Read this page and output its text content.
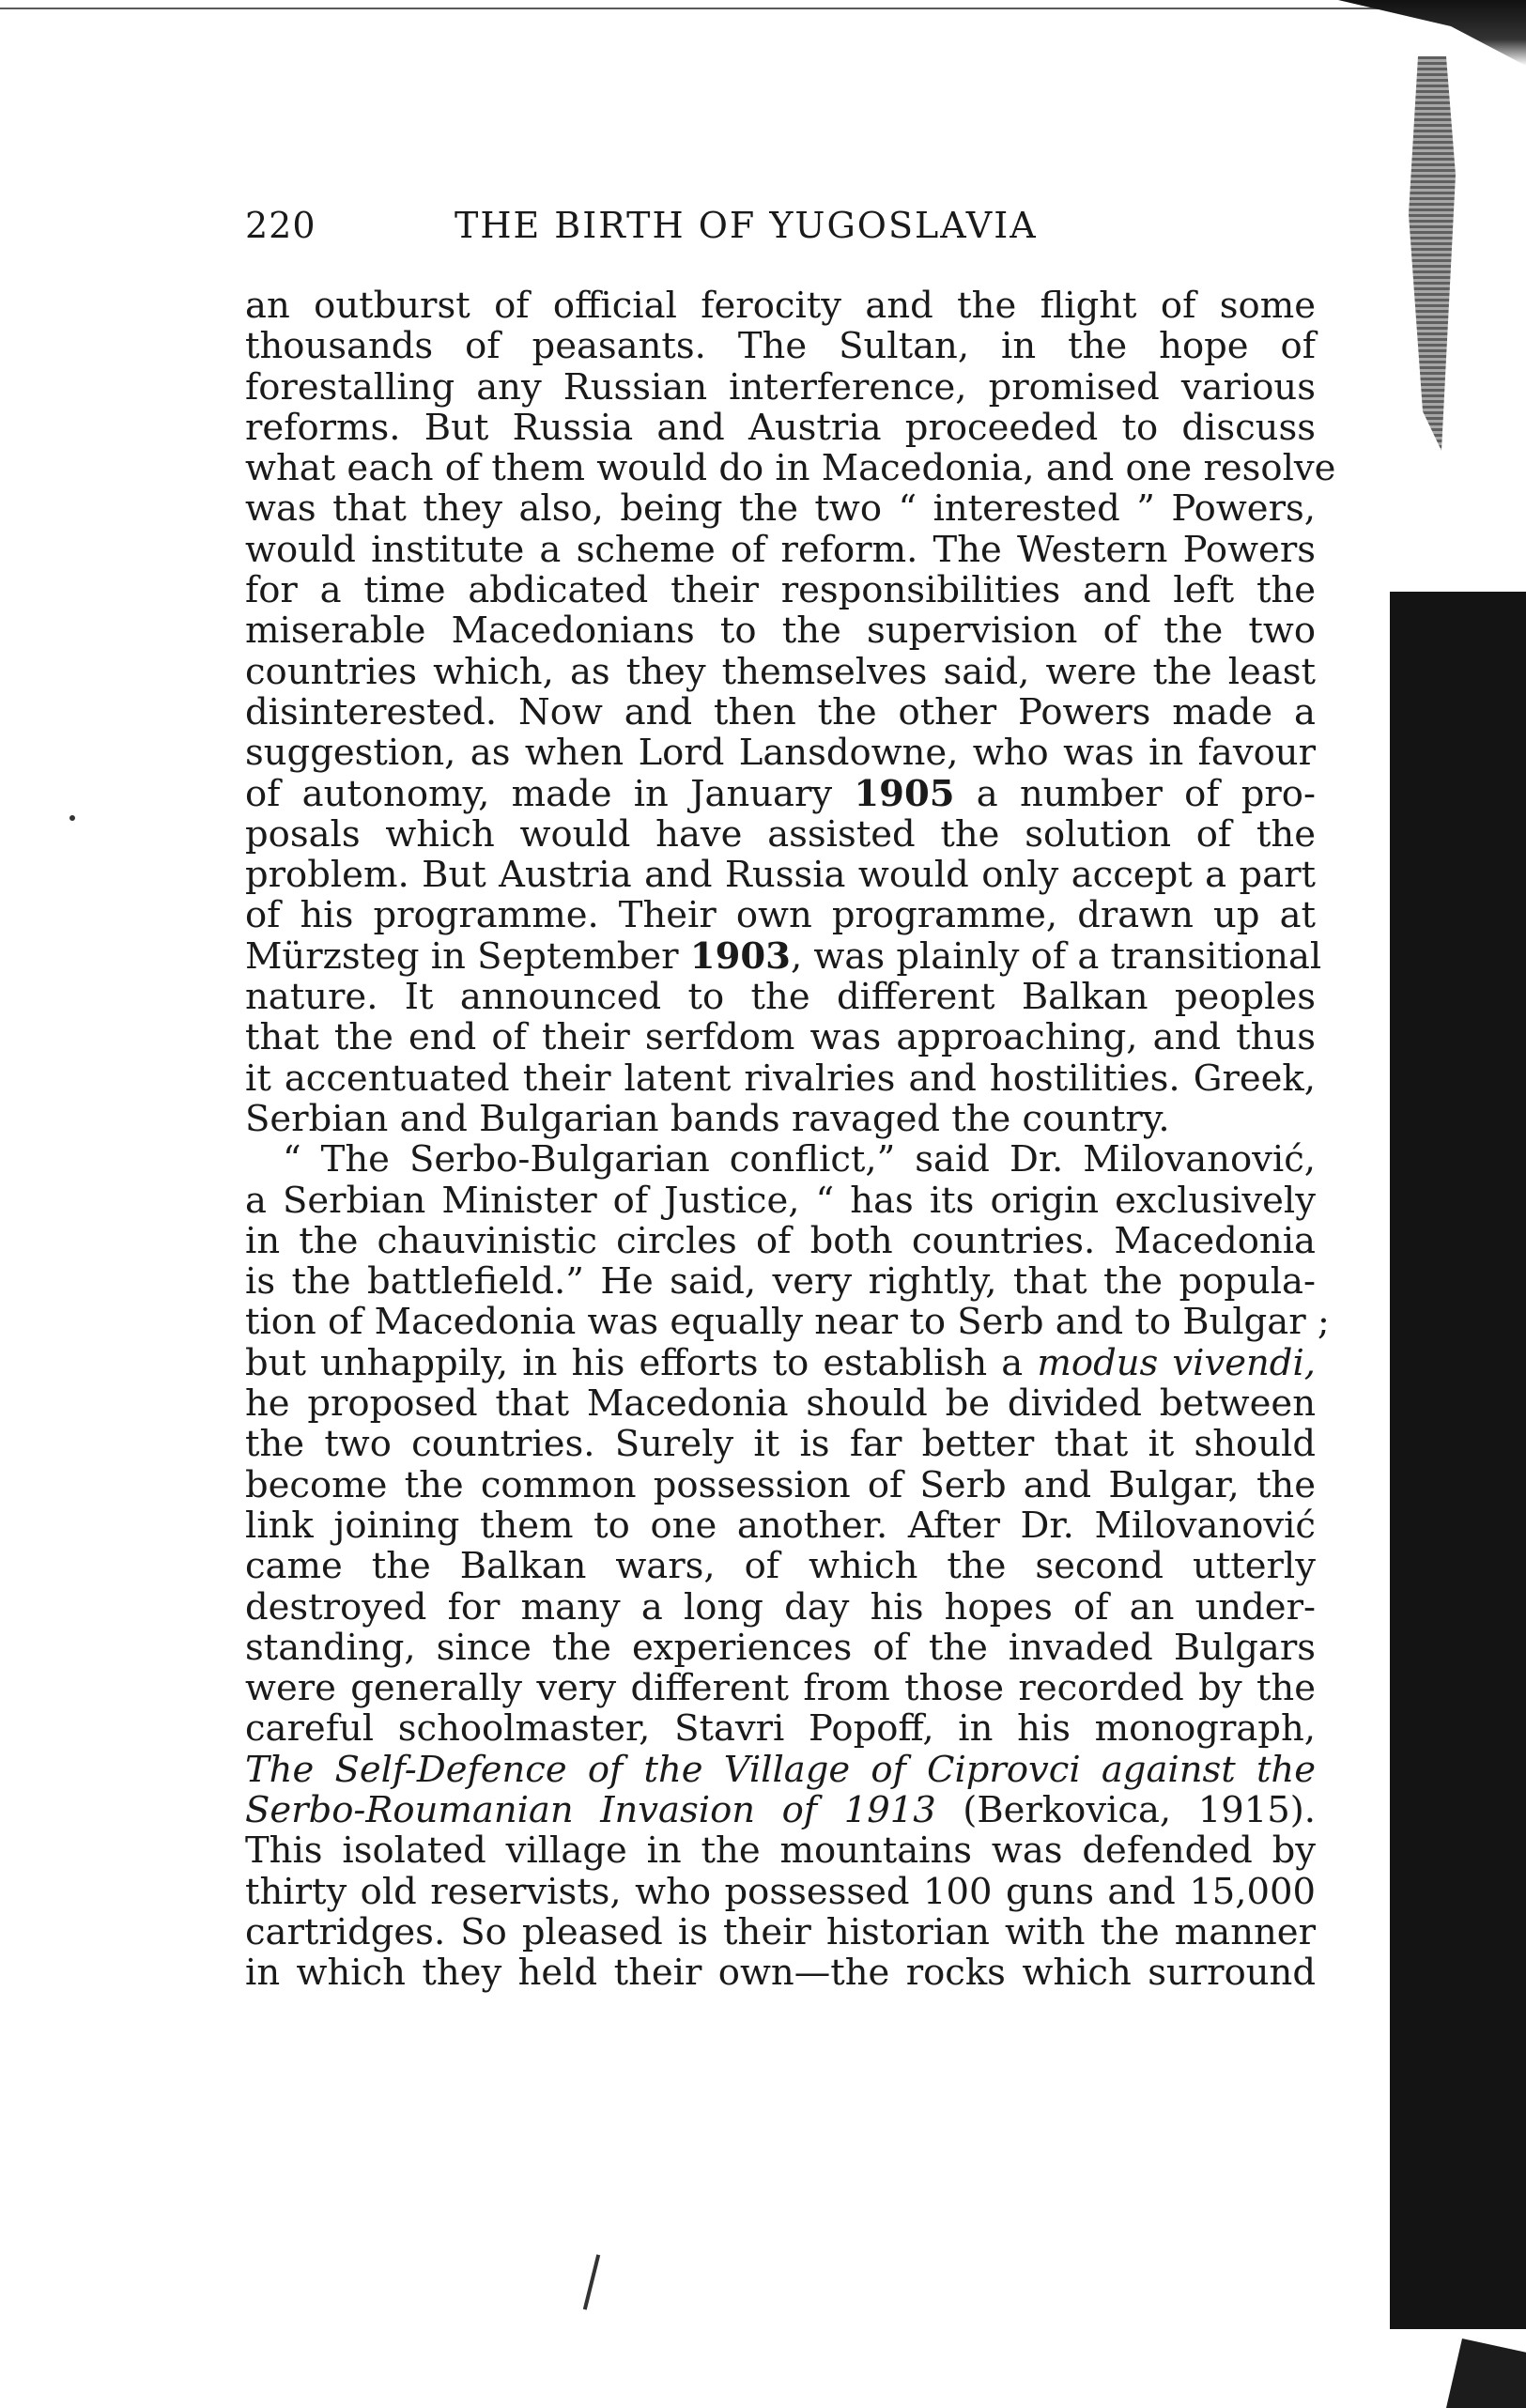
220	THE BIRTH OF YUGOSLAVIA
an outburst of official ferocity and the flight of some
thousands of peasants. The Sultan, in the hope of
forestalling any Russian interference, promised various
reforms. But Russia and Austria proceeded to discuss
what each of them would do in Macedonia, and one resolve
was that they also, being the two “ interested ” Powers,
would institute a scheme of reform. The Western Powers
for a time abdicated their responsibilities and left the
miserable Macedonians to the supervision of the two
countries which, as they themselves said, were the least
disinterested. Now and then the other Powers made a
suggestion, as when Lord Lansdowne, who was in favour
of autonomy, made in January 1905 a number of pro-
posals which would have assisted the solution of the
problem. But Austria and Russia would only accept a part
of his programme. Their own programme, drawn up at
Mürzsteg in September 1903, was plainly of a transitional
nature. It announced to the different Balkan peoples
that the end of their serfdom was approaching, and thus
it accentuated their latent rivalries and hostilities. Greek,
Serbian and Bulgarian bands ravaged the country.
“ The Serbo-Bulgarian conflict,” said Dr. Milovanović,
a Serbian Minister of Justice, “ has its origin exclusively
in the chauvinistic circles of both countries. Macedonia
is the battlefield.” He said, very rightly, that the popula-
tion of Macedonia was equally near to Serb and to Bulgar ;
but unhappily, in his efforts to establish a modus vivendi,
he proposed that Macedonia should be divided between
the two countries. Surely it is far better that it should
become the common possession of Serb and Bulgar, the
link joining them to one another. After Dr. Milovanović
came the Balkan wars, of which the second utterly
destroyed for many a long day his hopes of an under-
standing, since the experiences of the invaded Bulgars
were generally very different from those recorded by the
careful schoolmaster, Stavri Popoff, in his monograph,
The Self-Defence of the Village of Ciprovci against the
Serbo-Roumanian Invasion of 1913 (Berkovica, 1915).
This isolated village in the mountains was defended by
thirty old reservists, who possessed 100 guns and 15,000
cartridges. So pleased is their historian with the manner
in which they held their own—the rocks which surround
